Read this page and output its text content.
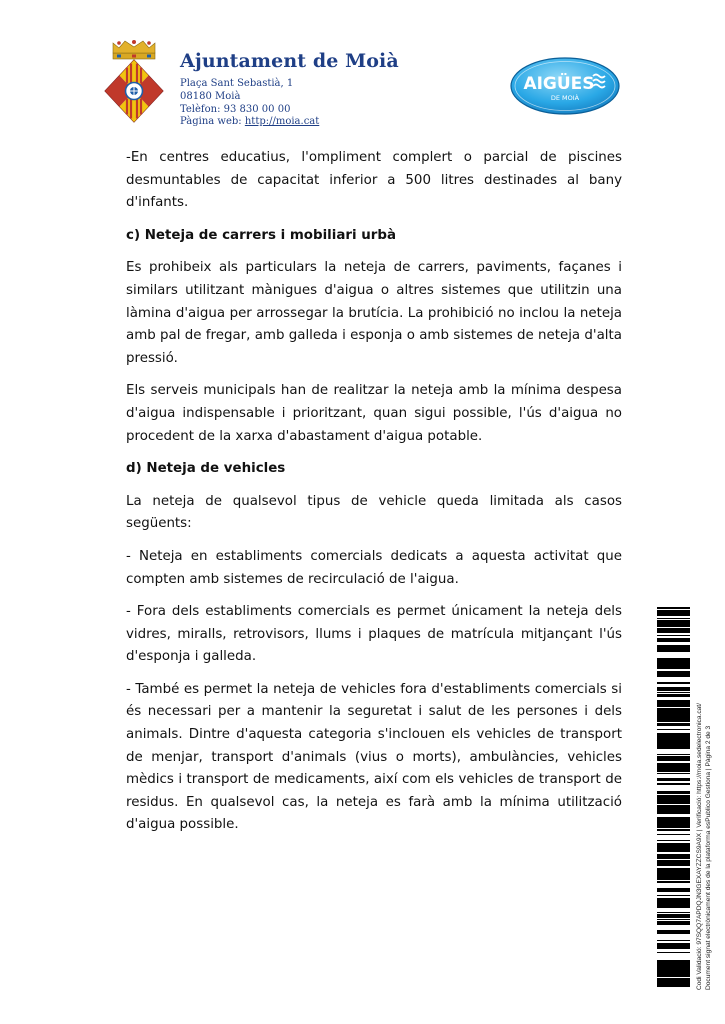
Ajuntament de Moià
Plaça Sant Sebastià, 1
08180 Moià
Telèfon: 93 830 00 00
Pàgina web: http://moia.cat
AIGÜES
DE MOIÀ

-En centres educatius, l'ompliment complert o parcial de piscines desmuntables de capacitat inferior a 500 litres destinades al bany d'infants.

c) Neteja de carrers i mobiliari urbà

Es prohibeix als particulars la neteja de carrers, paviments, façanes i similars utilitzant mànigues d'aigua o altres sistemes que utilitzin una làmina d'aigua per arrossegar la brutícia. La prohibició no inclou la neteja amb pal de fregar, amb galleda i esponja o amb sistemes de neteja d'alta pressió.

Els serveis municipals han de realitzar la neteja amb la mínima despesa d'aigua indispensable i prioritzant, quan sigui possible, l'ús d'aigua no procedent de la xarxa d'abastament d'aigua potable.

d) Neteja de vehicles

La neteja de qualsevol tipus de vehicle queda limitada als casos següents:

- Neteja en establiments comercials dedicats a aquesta activitat que compten amb sistemes de recirculació de l'aigua.

- Fora dels establiments comercials es permet únicament la neteja dels vidres, miralls, retrovisors, llums i plaques de matrícula mitjançant l'ús d'esponja i galleda.

- També es permet la neteja de vehicles fora d'establiments comercials si és necessari per a mantenir la seguretat i salut de les persones i dels animals. Dintre d'aquesta categoria s'inclouen els vehicles de transport de menjar, transport d'animals (vius o morts), ambulàncies, vehicles mèdics i transport de medicaments, així com els vehicles de transport de residus. En qualsevol cas, la neteja es farà amb la mínima utilització d'aigua possible.	Codi Validació: 97SQQ7APDQJN3GEXAYZZCS9A9X | Verificació: https://moia.sedelectronica.cat/ Document signat electrònicament des de la plataforma esPublico Gestiona | Pàgina 2 de 3
